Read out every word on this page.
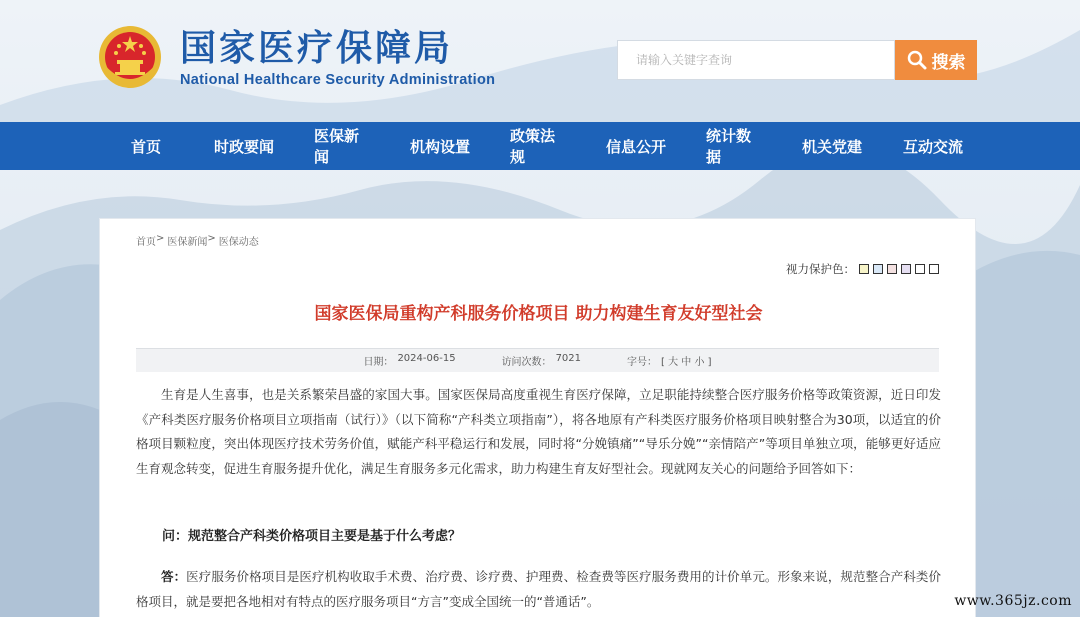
国家医疗保障局
National Healthcare Security Administration
请输入关键字查询
搜索
首页	时政要闻
医保新闻
机构设置
政策法规
信息公开
统计数据
机关党建	互动交流
首页 > 医保新闻 > 医保动态
视力保护色：
国家医保局重构产科服务价格项目 助力构建生育友好型社会
日期： 2024-06-15	访问次数： 7021	字号： [ 大 中 小 ]
生育是人生喜事，也是关系繁荣昌盛的家国大事。国家医保局高度重视生育医疗保障，立足职能持续整合医疗服务价格等政策资源，近日印发《产科类医疗服务价格项目立项指南（试行）》（以下简称“产科类立项指南”），将各地原有产科类医疗服务价格项目映射整合为30项，以适宜的价格项目颗粒度，突出体现医疗技术劳务价值，赋能产科平稳运行和发展，同时将“分娩镇痛”“导乐分娩”“亲情陪产”等项目单独立项，能够更好适应生育观念转变，促进生育服务提升优化，满足生育服务多元化需求，助力构建生育友好型社会。现就网友关心的问题给予回答如下：
问：规范整合产科类价格项目主要是基于什么考虑？
答：医疗服务价格项目是医疗机构收取手术费、治疗费、诊疗费、护理费、检查费等医疗服务费用的计价单元。形象来说，规范整合产科类价格项目，就是要把各地相对有特点的医疗服务项目“方言”变成全国统一的“普通话”。	www.365jz.com
